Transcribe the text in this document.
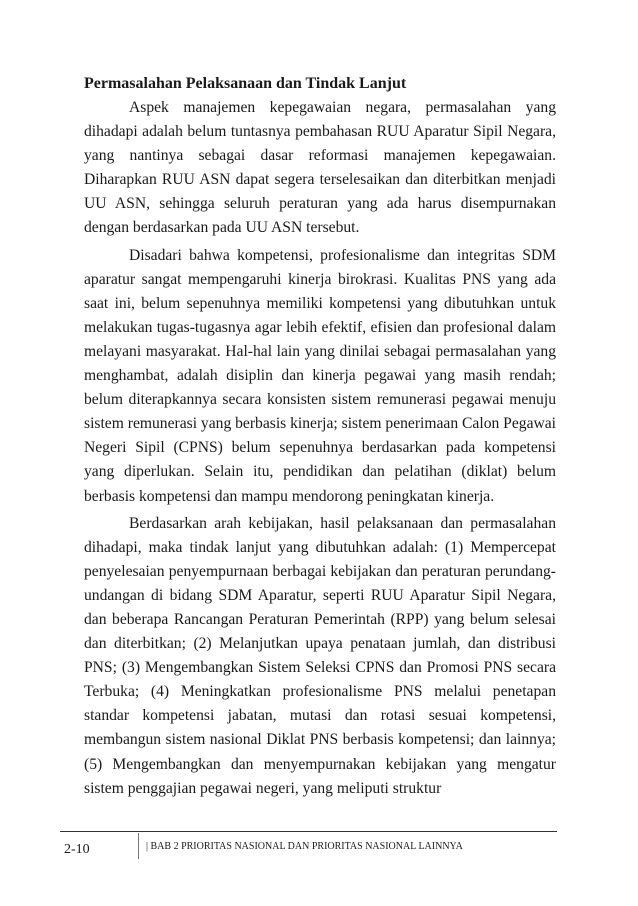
Permasalahan Pelaksanaan dan Tindak Lanjut

Aspek manajemen kepegawaian negara, permasalahan yang dihadapi adalah belum tuntasnya pembahasan RUU Aparatur Sipil Negara, yang nantinya sebagai dasar reformasi manajemen kepegawaian. Diharapkan RUU ASN dapat segera terselesaikan dan diterbitkan menjadi UU ASN, sehingga seluruh peraturan yang ada harus disempurnakan dengan berdasarkan pada UU ASN tersebut.

Disadari bahwa kompetensi, profesionalisme dan integritas SDM aparatur sangat mempengaruhi kinerja birokrasi. Kualitas PNS yang ada saat ini, belum sepenuhnya memiliki kompetensi yang dibutuhkan untuk melakukan tugas-tugasnya agar lebih efektif, efisien dan profesional dalam melayani masyarakat. Hal-hal lain yang dinilai sebagai permasalahan yang menghambat, adalah disiplin dan kinerja pegawai yang masih rendah; belum diterapkannya secara konsisten sistem remunerasi pegawai menuju sistem remunerasi yang berbasis kinerja; sistem penerimaan Calon Pegawai Negeri Sipil (CPNS) belum sepenuhnya berdasarkan pada kompetensi yang diperlukan. Selain itu, pendidikan dan pelatihan (diklat) belum berbasis kompetensi dan mampu mendorong peningkatan kinerja.

Berdasarkan arah kebijakan, hasil pelaksanaan dan permasalahan dihadapi, maka tindak lanjut yang dibutuhkan adalah: (1) Mempercepat penyelesaian penyempurnaan berbagai kebijakan dan peraturan perundang-undangan di bidang SDM Aparatur, seperti RUU Aparatur Sipil Negara, dan beberapa Rancangan Peraturan Pemerintah (RPP) yang belum selesai dan diterbitkan; (2) Melanjutkan upaya penataan jumlah, dan distribusi PNS; (3) Mengembangkan Sistem Seleksi CPNS dan Promosi PNS secara Terbuka; (4) Meningkatkan profesionalisme PNS melalui penetapan standar kompetensi jabatan, mutasi dan rotasi sesuai kompetensi, membangun sistem nasional Diklat PNS berbasis kompetensi; dan lainnya; (5) Mengembangkan dan menyempurnakan kebijakan yang mengatur sistem penggajian pegawai negeri, yang meliputi struktur

2-10	| BAB 2 PRIORITAS NASIONAL DAN PRIORITAS NASIONAL LAINNYA
